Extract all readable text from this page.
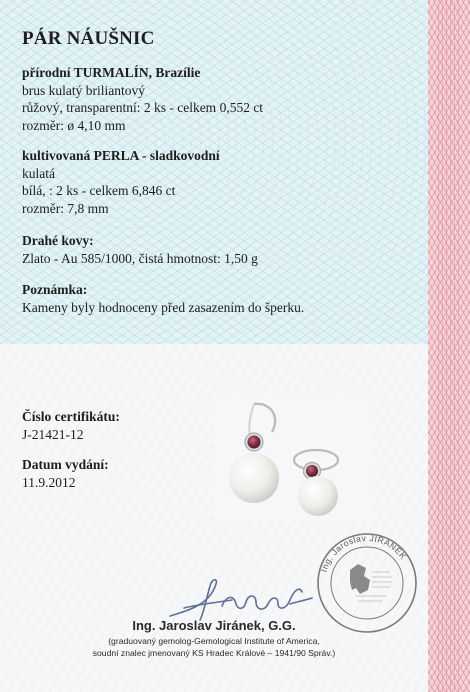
PÁR NÁUŠNIC
přírodní TURMALÍN, Brazílie
brus kulatý briliantový
růžový, transparentní: 2 ks - celkem 0,552 ct
rozměr: ø 4,10 mm
kultivovaná PERLA - sladkovodní
kulatá
bílá, : 2 ks - celkem 6,846 ct
rozměr: 7,8 mm
Drahé kovy:
Zlato - Au 585/1000, čistá hmotnost: 1,50 g
Poznámka:
Kameny byly hodnoceny před zasazením do šperku.
Číslo certifikátu:
J-21421-12
Datum vydání:
11.9.2012
Ing. Jaroslav JIRÁNEK
Ing. Jaroslav Jiránek, G.G.
(graduovaný gemolog-Gemological Institute of America,
soudní znalec jmenovaný KS Hradec Králové – 1941/90 Správ.)
